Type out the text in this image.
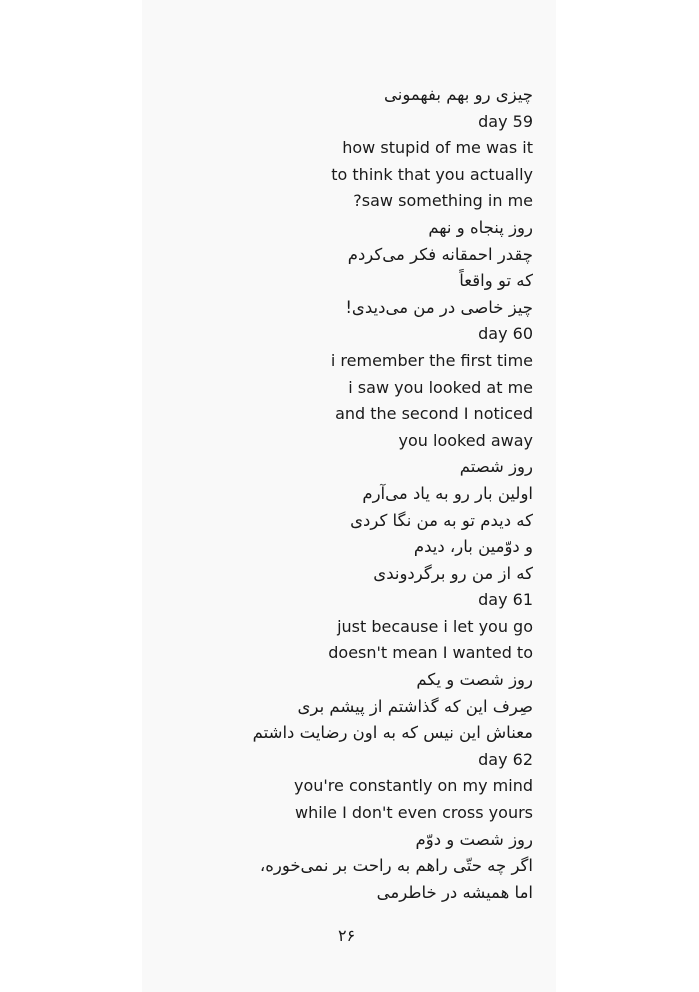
چیزی رو بهم بفهمونی
day 59
how stupid of me was it
to think that you actually
?saw something in me
روز پنجاه و نهم
چقدر احمقانه فکر می‌کردم
که تو واقعاً
چیز خاصی در من می‌دیدی!
day 60
i remember the first time
i saw you looked at me
and the second I noticed
you looked away
روز شصتم
اولین بار رو به یاد می‌آرم
که دیدم تو به من نگا کردی
و دوّمین بار، دیدم
که از من رو برگردوندی
day 61
just because i let you go
doesn't mean I wanted to
روز شصت و یکم
صِرف این که گذاشتم از پیشم بری
معناش این نیس که به اون رضایت داشتم
day 62
you're constantly on my mind
while I don't even cross yours
روز شصت و دوّم
اگر چه حتّی راهم به راحت بر نمی‌خوره،
اما همیشه در خاطرمی
۲۶
